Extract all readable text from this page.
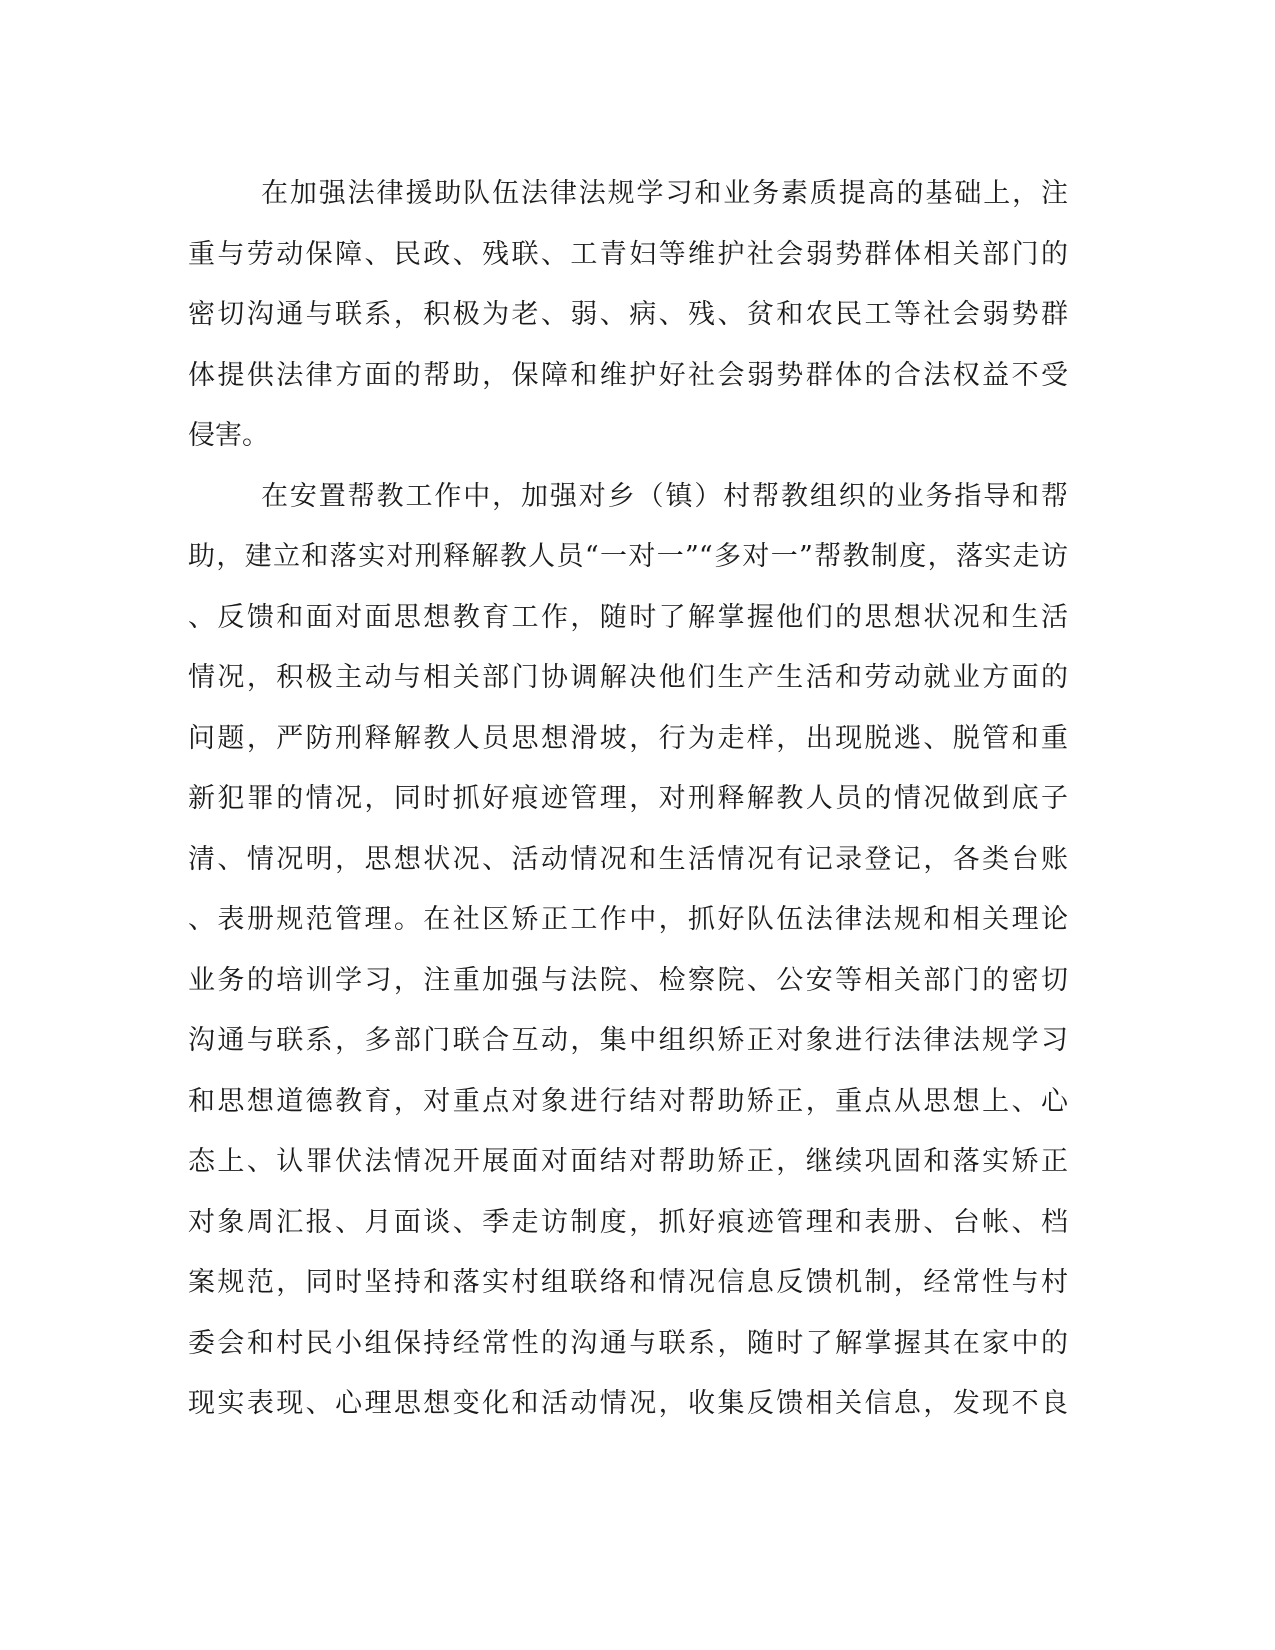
在加强法律援助队伍法律法规学习和业务素质提高的基础上，注
重与劳动保障、民政、残联、工青妇等维护社会弱势群体相关部门的
密切沟通与联系，积极为老、弱、病、残、贫和农民工等社会弱势群
体提供法律方面的帮助，保障和维护好社会弱势群体的合法权益不受
侵害。
在安置帮教工作中，加强对乡（镇）村帮教组织的业务指导和帮
助，建立和落实对刑释解教人员“一对一”“多对一”帮教制度，落实走访
、反馈和面对面思想教育工作，随时了解掌握他们的思想状况和生活
情况，积极主动与相关部门协调解决他们生产生活和劳动就业方面的
问题，严防刑释解教人员思想滑坡，行为走样，出现脱逃、脱管和重
新犯罪的情况，同时抓好痕迹管理，对刑释解教人员的情况做到底子
清、情况明，思想状况、活动情况和生活情况有记录登记，各类台账
、表册规范管理。在社区矫正工作中，抓好队伍法律法规和相关理论
业务的培训学习，注重加强与法院、检察院、公安等相关部门的密切
沟通与联系，多部门联合互动，集中组织矫正对象进行法律法规学习
和思想道德教育，对重点对象进行结对帮助矫正，重点从思想上、心
态上、认罪伏法情况开展面对面结对帮助矫正，继续巩固和落实矫正
对象周汇报、月面谈、季走访制度，抓好痕迹管理和表册、台帐、档
案规范，同时坚持和落实村组联络和情况信息反馈机制，经常性与村
委会和村民小组保持经常性的沟通与联系，随时了解掌握其在家中的
现实表现、心理思想变化和活动情况，收集反馈相关信息，发现不良
